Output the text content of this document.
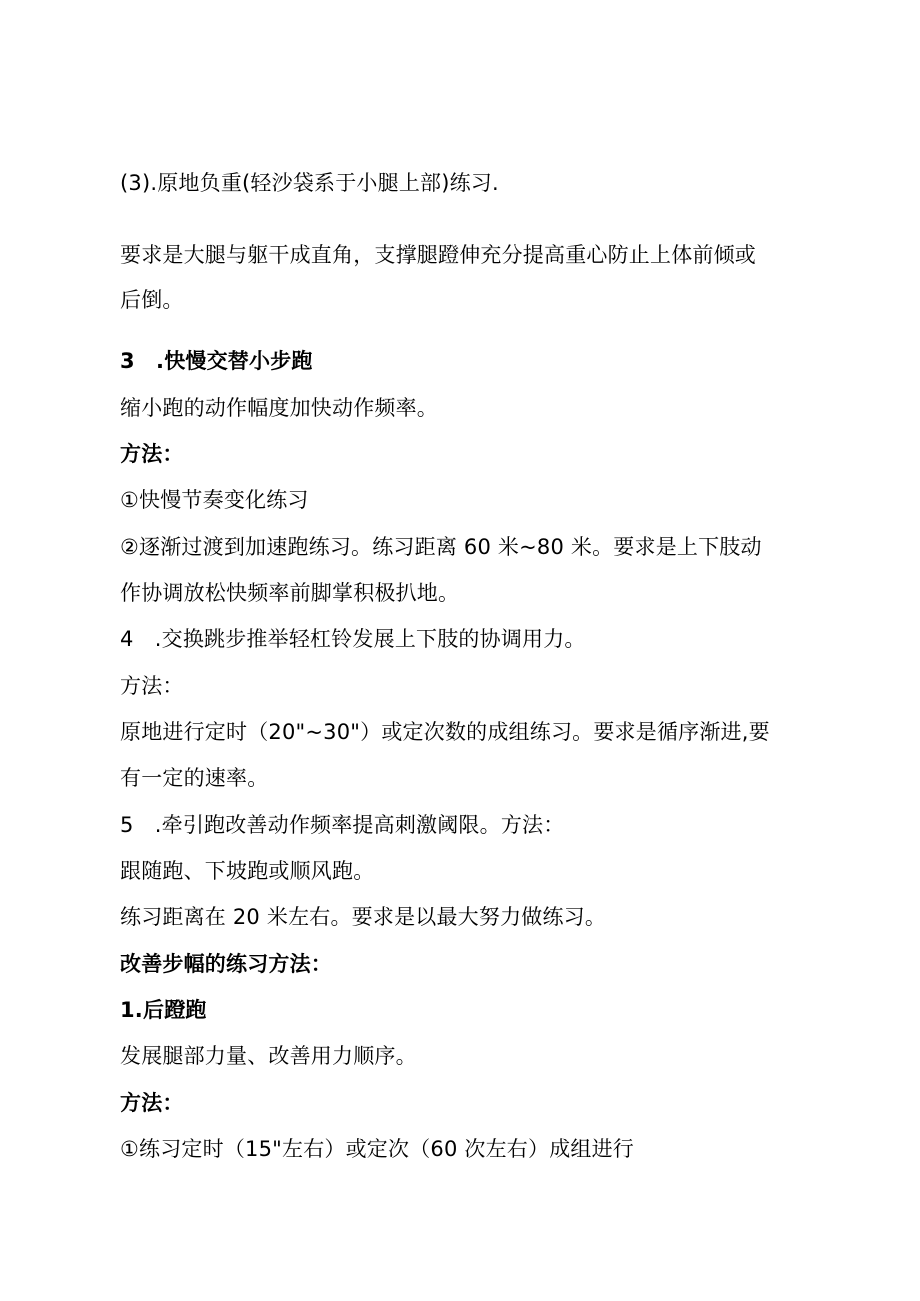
(3).原地负重(轻沙袋系于小腿上部)练习.
要求是大腿与躯干成直角，支撑腿蹬伸充分提高重心防止上体前倾或
后倒。
3　.快慢交替小步跑
缩小跑的动作幅度加快动作频率。
方法：
①快慢节奏变化练习
②逐渐过渡到加速跑练习。练习距离 60 米~80 米。要求是上下肢动
作协调放松快频率前脚掌积极扒地。
4　.交换跳步推举轻杠铃发展上下肢的协调用力。
方法：
原地进行定时（20"~30"）或定次数的成组练习。要求是循序渐进,要
有一定的速率。
5　.牵引跑改善动作频率提高刺激阈限。方法：
跟随跑、下坡跑或顺风跑。
练习距离在 20 米左右。要求是以最大努力做练习。
改善步幅的练习方法：
1.后蹬跑
发展腿部力量、改善用力顺序。
方法：
①练习定时（15"左右）或定次（60 次左右）成组进行
